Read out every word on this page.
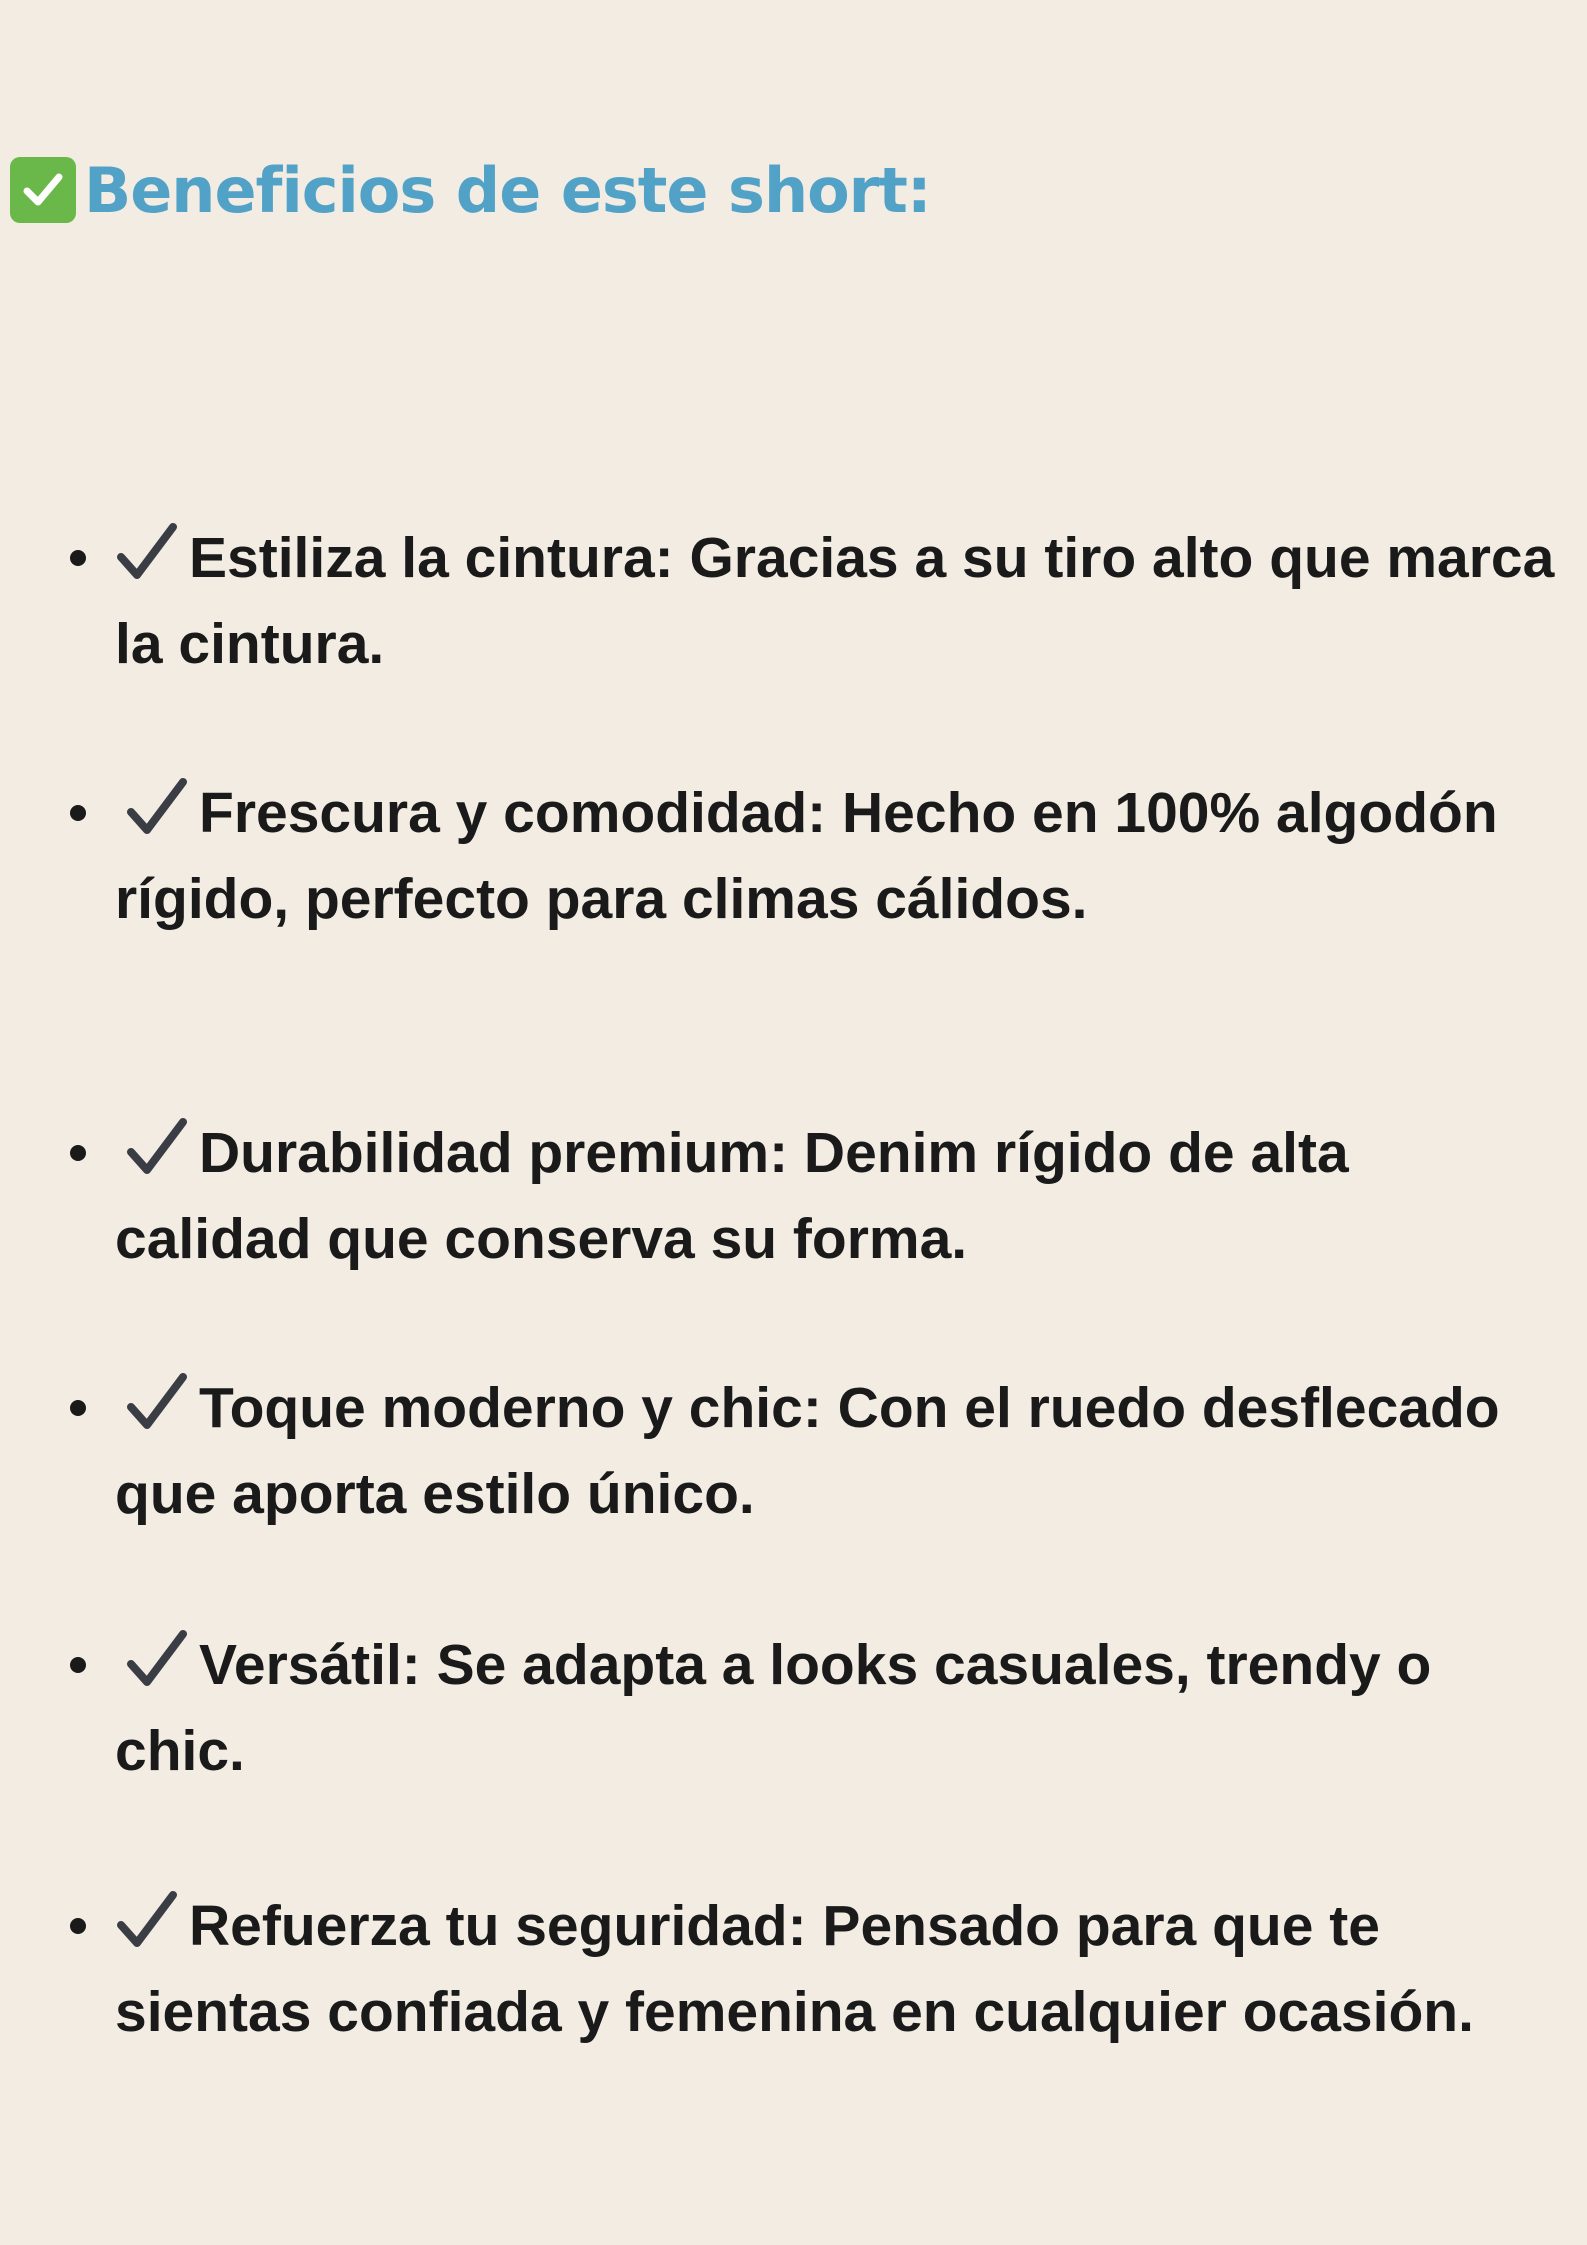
Beneficios de este short:
Estiliza la cintura: Gracias a su tiro alto que marca la cintura.
Frescura y comodidad: Hecho en 100% algodón rígido, perfecto para climas cálidos.
Durabilidad premium: Denim rígido de alta calidad que conserva su forma.
Toque moderno y chic: Con el ruedo desflecado que aporta estilo único.
Versátil: Se adapta a looks casuales, trendy o chic.
Refuerza tu seguridad: Pensado para que te sientas confiada y femenina en cualquier ocasión.
